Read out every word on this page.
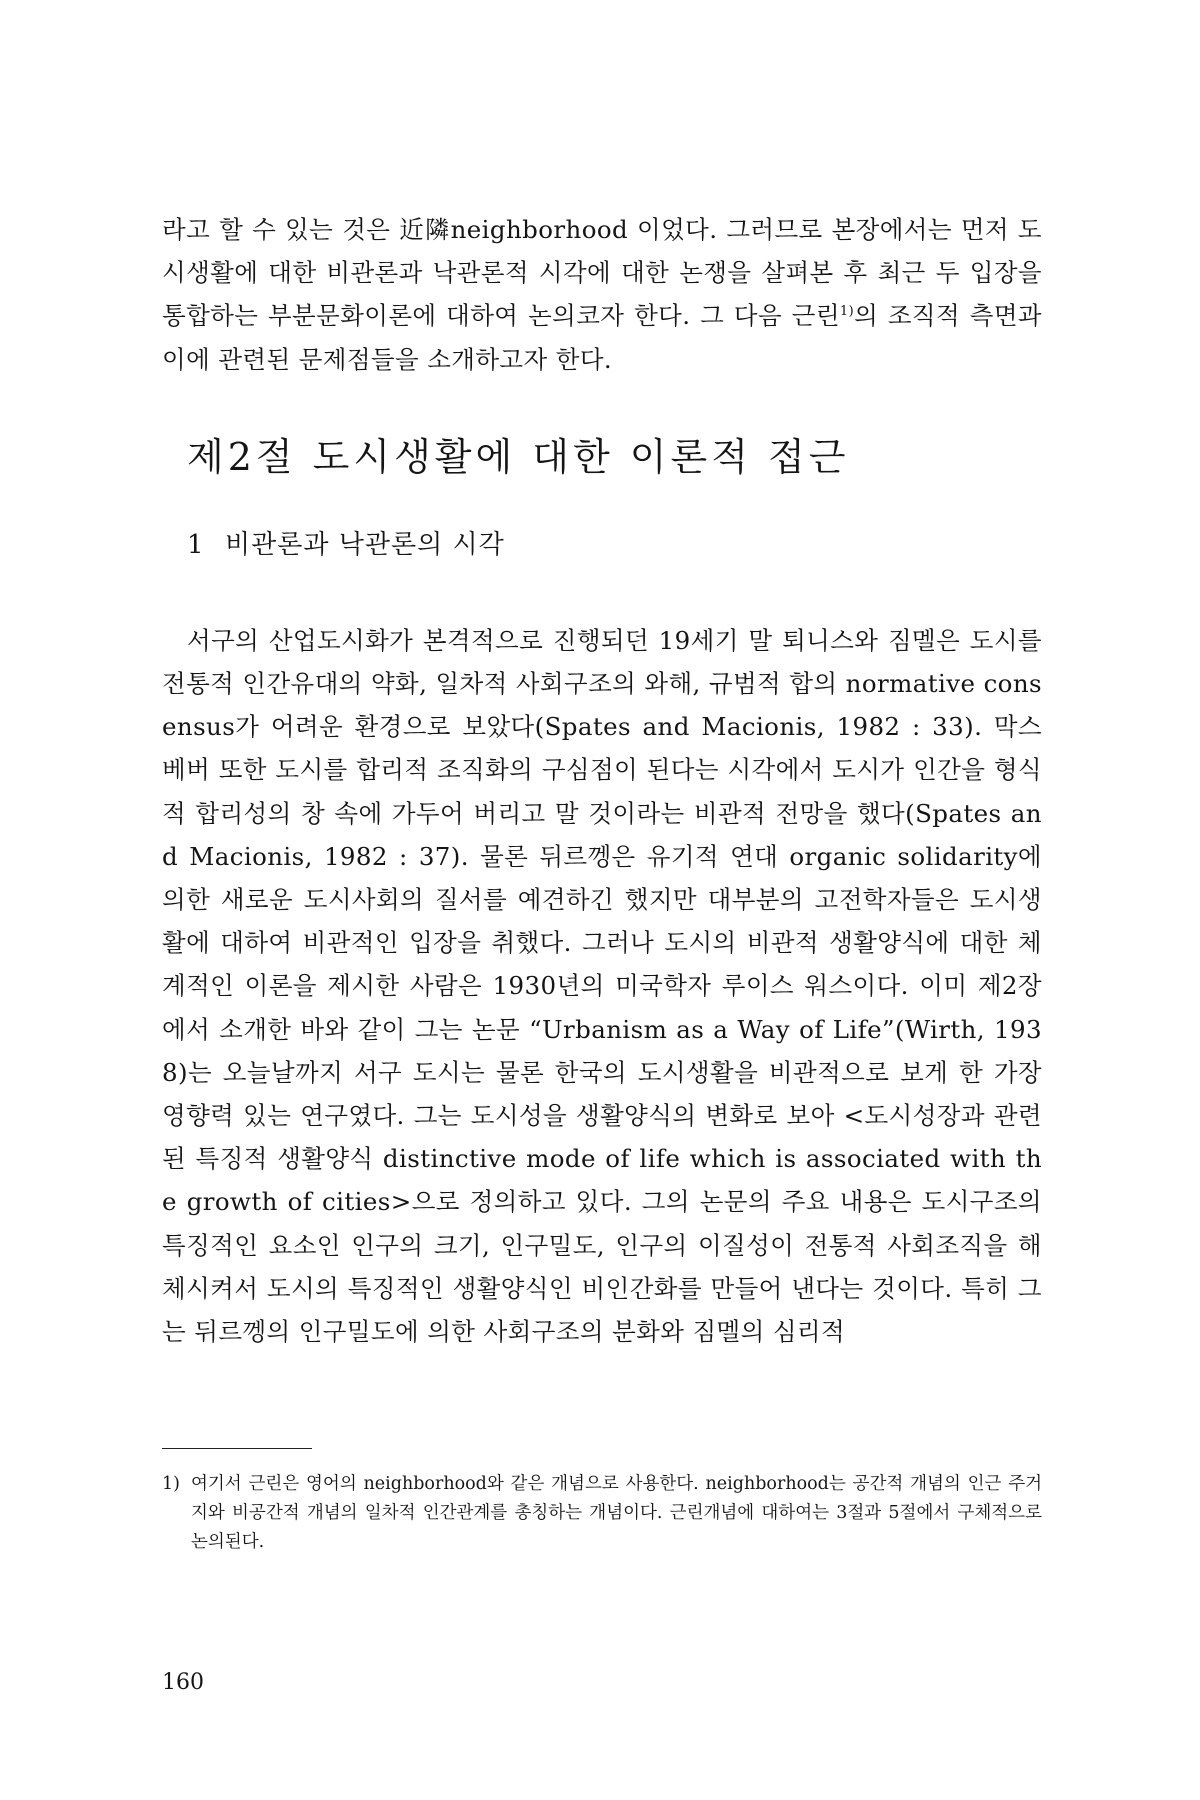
라고 할 수 있는 것은 近隣neighborhood 이었다. 그러므로 본장에서는 먼저 도시생활에 대한 비관론과 낙관론적 시각에 대한 논쟁을 살펴본 후 최근 두 입장을 통합하는 부분문화이론에 대하여 논의코자 한다. 그 다음 근린$^{1)}$의 조직적 측면과 이에 관련된 문제점들을 소개하고자 한다.

제2절 도시생활에 대한 이론적 접근
1 비관론과 낙관론의 시각

서구의 산업도시화가 본격적으로 진행되던 19세기 말 퇴니스와 짐멜은 도시를 전통적 인간유대의 약화, 일차적 사회구조의 와해, 규범적 합의 normative consensus가 어려운 환경으로 보았다(Spates and Macionis, 1982 : 33). 막스 베버 또한 도시를 합리적 조직화의 구심점이 된다는 시각에서 도시가 인간을 형식적 합리성의 창 속에 가두어 버리고 말 것이라는 비관적 전망을 했다(Spates and Macionis, 1982 : 37). 물론 뒤르껭은 유기적 연대 organic solidarity에 의한 새로운 도시사회의 질서를 예견하긴 했지만 대부분의 고전학자들은 도시생활에 대하여 비관적인 입장을 취했다. 그러나 도시의 비관적 생활양식에 대한 체계적인 이론을 제시한 사람은 1930년의 미국학자 루이스 워스이다. 이미 제2장에서 소개한 바와 같이 그는 논문 “Urbanism as a Way of Life”(Wirth, 1938)는 오늘날까지 서구 도시는 물론 한국의 도시생활을 비관적으로 보게 한 가장 영향력 있는 연구였다. 그는 도시성을 생활양식의 변화로 보아 <도시성장과 관련된 특징적 생활양식 distinctive mode of life which is associated with the growth of cities>으로 정의하고 있다. 그의 논문의 주요 내용은 도시구조의 특징적인 요소인 인구의 크기, 인구밀도, 인구의 이질성이 전통적 사회조직을 해체시켜서 도시의 특징적인 생활양식인 비인간화를 만들어 낸다는 것이다. 특히 그는 뒤르껭의 인구밀도에 의한 사회구조의 분화와 짐멜의 심리적

1) 여기서 근린은 영어의 neighborhood와 같은 개념으로 사용한다. neighborhood는 공간적 개념의 인근 주거지와 비공간적 개념의 일차적 인간관계를 총칭하는 개념이다. 근린개념에 대하여는 3절과 5절에서 구체적으로 논의된다.
160
